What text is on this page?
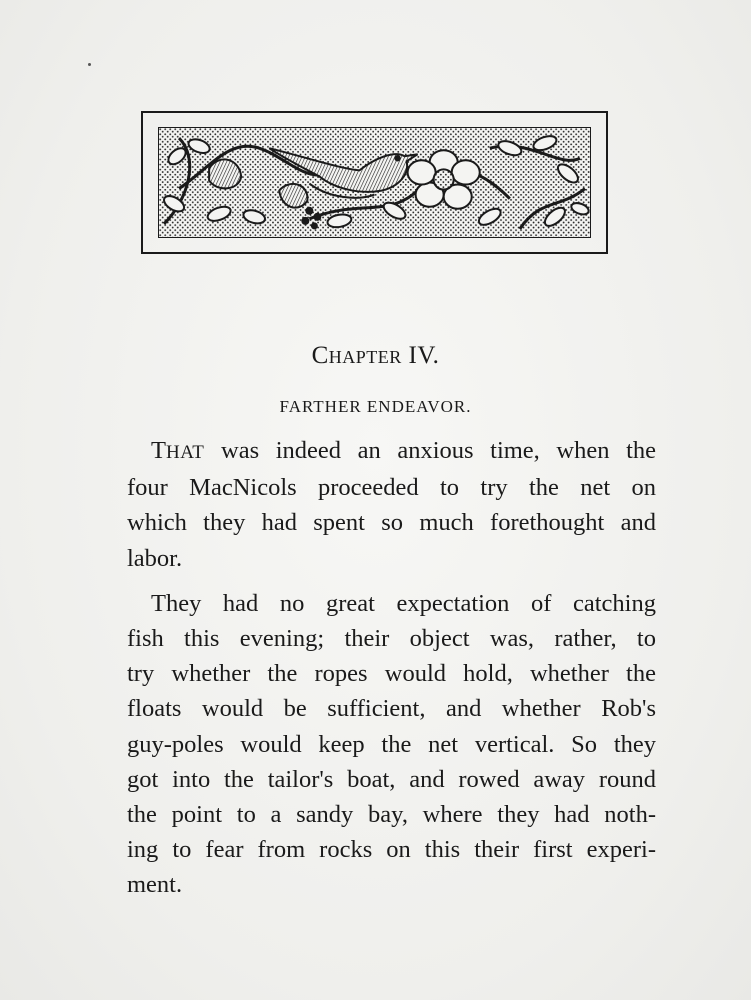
CHAPTER IV.
FARTHER ENDEAVOR.
THAT was indeed an anxious time, when the
four MacNicols proceeded to try the net on
which they had spent so much forethought and
labor.
They had no great expectation of catching
fish this evening; their object was, rather, to
try whether the ropes would hold, whether the
floats would be sufficient, and whether Rob's
guy-poles would keep the net vertical. So they
got into the tailor's boat, and rowed away round
the point to a sandy bay, where they had noth-
ing to fear from rocks on this their first experi-
ment.
